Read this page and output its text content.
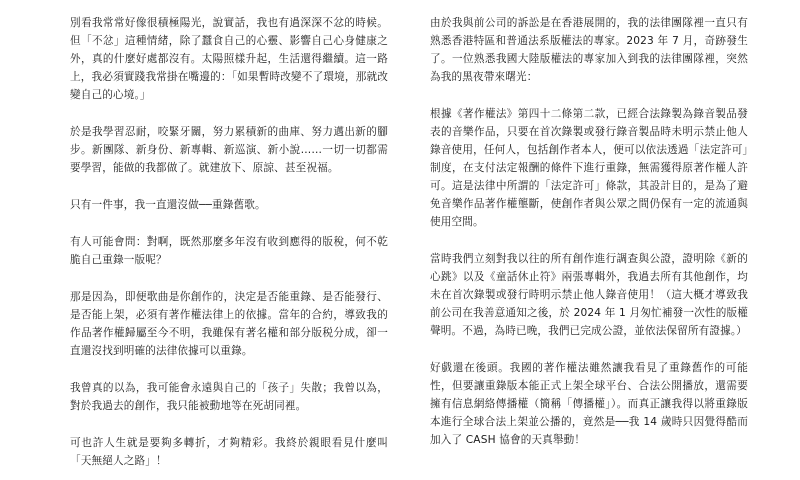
別看我常常好像很積極陽光，說實話，我也有過深深不忿的時候。但「不忿」這種情緒，除了蠶食自己的心靈、影響自己心身健康之外，真的什麼好處都沒有。太陽照樣升起，生活還得繼續。這一路上，我必須實踐我常掛在嘴邊的：「如果暫時改變不了環境，那就改變自己的心境。」

於是我學習忍耐，咬緊牙關，努力累積新的曲庫、努力邁出新的腳步。新團隊、新身份、新專輯、新巡演、新小說……一切一切都需要學習，能做的我都做了。就建放下、原諒、甚至祝福。

只有一件事，我一直還沒做──重錄舊歌。

有人可能會問：對啊，既然那麼多年沒有收到應得的版稅，何不乾脆自己重錄一版呢？

那是因為，即便歌曲是你創作的，決定是否能重錄、是否能發行、是否能上架，必須有著作權法律上的依據。當年的合約，導致我的作品著作權歸屬至今不明，我雖保有著名權和部分版税分成，卻一直還沒找到明確的法律依據可以重錄。

我曾真的以為，我可能會永遠與自己的「孩子」失散；我曾以為，對於我過去的創作，我只能被動地等在死胡同裡。

可也許人生就是要夠多轉折，才夠精彩。我終於親眼看見什麼叫「天無絕人之路」！

由於我與前公司的訴訟是在香港展開的，我的法律團隊裡一直只有熟悉香港特區和普通法系版權法的專家。2023 年 7 月，奇跡發生了。一位熟悉我國大陸版權法的專家加入到我的法律團隊裡，突然為我的黑夜帶來曙光：

根據《著作權法》第四十二條第二款，已經合法錄製為錄音製品發表的音樂作品，只要在首次錄製或發行錄音製品時未明示禁止他人錄音使用，任何人，包括創作者本人，便可以依法透過「法定許可」制度，在支付法定報酬的條件下進行重錄，無需獲得原著作權人許可。這是法律中所謂的「法定許可」條款，其設計目的，是為了避免音樂作品著作權壟斷，使創作者與公眾之間仍保有一定的流通與使用空間。

當時我們立刻對我以往的所有創作進行調查與公證，證明除《新的心跳》以及《童話休止符》兩張專輯外，我過去所有其他創作，均未在首次錄製或發行時明示禁止他人錄音使用！（這大概才導致我前公司在我善意通知之後，於 2024 年 1 月匆忙補發一次性的版權聲明。不過，為時已晚，我們已完成公證，並依法保留所有證據。）

好戲還在後頭。我國的著作權法雖然讓我看見了重錄舊作的可能性，但要讓重錄版本能正式上架全球平台、合法公開播放，還需要擁有信息網絡傳播權（簡稱「傳播權」）。而真正讓我得以將重錄版本進行全球合法上架並公播的，竟然是──我 14 歲時只因覺得酷而加入了 CASH 協會的天真舉動！
